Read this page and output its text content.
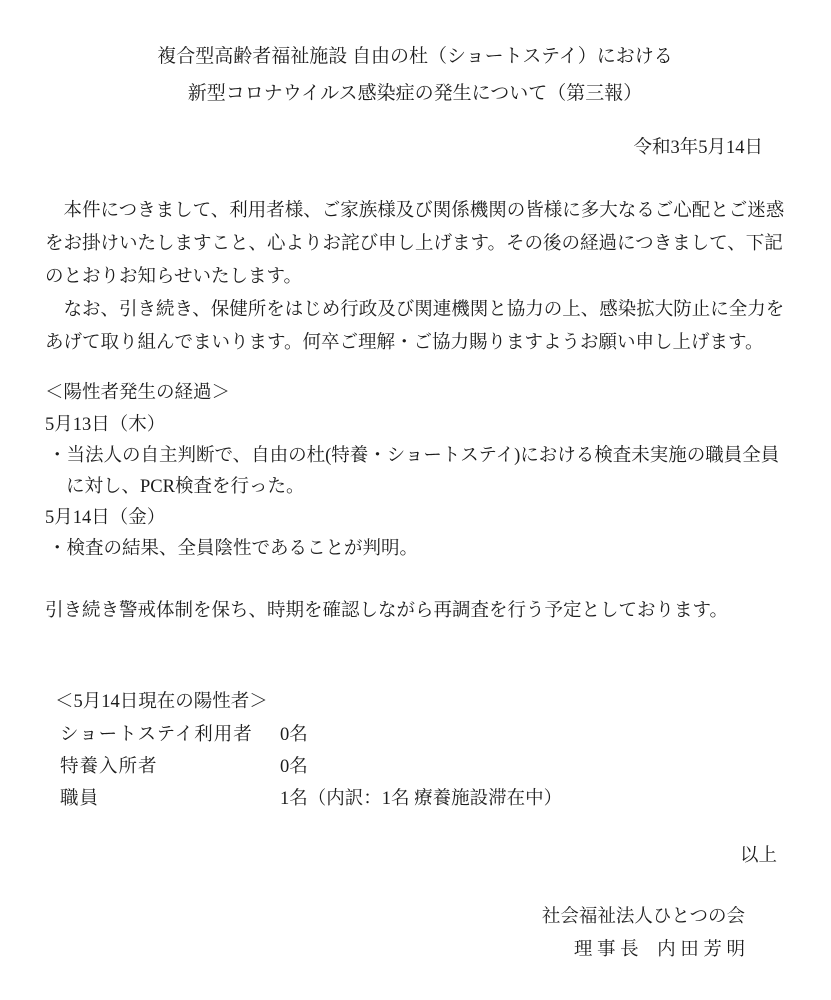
複合型高齢者福祉施設 自由の杜（ショートステイ）における
新型コロナウイルス感染症の発生について（第三報）
令和3年5月14日
本件につきまして、利用者様、ご家族様及び関係機関の皆様に多大なるご心配とご迷惑
をお掛けいたしますこと、心よりお詫び申し上げます。その後の経過につきまして、下記
のとおりお知らせいたします。
なお、引き続き、保健所をはじめ行政及び関連機関と協力の上、感染拡大防止に全力を
あげて取り組んでまいります。何卒ご理解・ご協力賜りますようお願い申し上げます。
＜陽性者発生の経過＞
5月13日（木）
・当法人の自主判断で、自由の杜(特養・ショートステイ)における検査未実施の職員全員
に対し、PCR検査を行った。
5月14日（金）
・検査の結果、全員陰性であることが判明。
引き続き警戒体制を保ち、時期を確認しながら再調査を行う予定としております。
＜5月14日現在の陽性者＞
ショートステイ利用者	0名
特養入所者	0名
職員	1名（内訳：1名 療養施設滞在中）
以上
社会福祉法人ひとつの会
理 事 長　内 田 芳 明
